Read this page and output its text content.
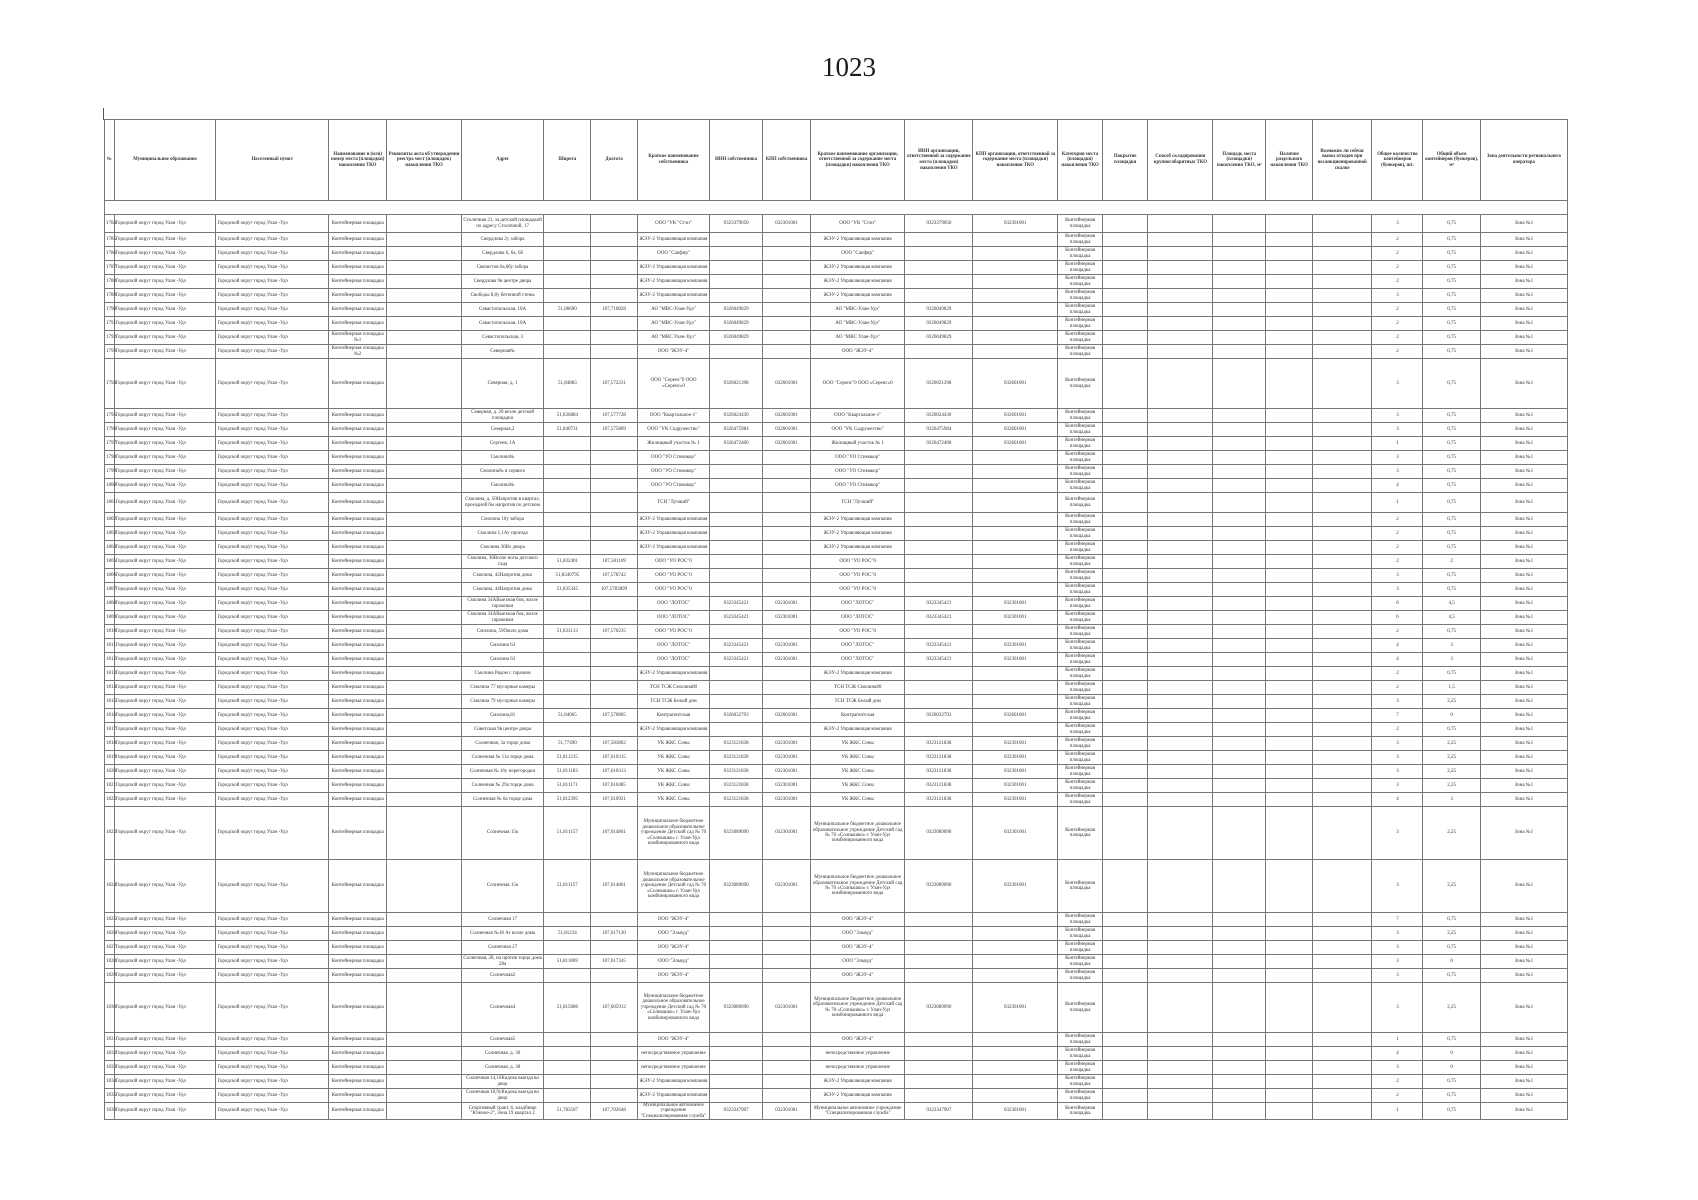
1023
№	Муниципальное образование	Населенный пункт	Наименование и (или) номер места (площадки) накопления ТКО	Реквизиты акта об утверждении реестра мест (площадок) накопления ТКО	Адрес	Широта	Долгота	Краткое наименование собственника	ИНН собственника	КПП собственника	Краткое наименование организации, ответственной за содержание места (площадки) накопления ТКО	ИНН организации, ответственной за содержание места (площадки) накопления ТКО	КПП организации, ответственной за содержание места (площадки) накопления ТКО	Категория места (площадки) накопления ТКО	Покрытие площадки	Способ складирования крупногабаритных ТКО	Площадь места (площадки) накопления ТКО, м²	Наличие раздельного накопления ТКО	Возможно ли сейчас вывоз отходов при несанкционированной свалке	Общее количество контейнеров (бункеров), шт.	Общий объем контейнеров (бункеров), м³	Зона деятельности регионального оператора

1784	Городской округ город Улан -Удэ	Городской округ город Улан -Удэ	Контейнерная площадка		Столичная 21, за детской площадкой по адресу Столичной, 17			ООО "УК "Стэп"	0323379050	032301001	ООО "УК "Стэп"	0323379050	032301001	Контейнерная площадка						3	0,75	Зона №1
1785	Городской округ город Улан -Удэ	Городской округ город Улан -Удэ	Контейнерная площадка		Свердлова 2у забора			ЖЭУ-2 Управляющая компания			ЖЭУ-2 Управляющая компания			Контейнерная площадка						2	0,75	Зона №1
1786	Городской округ город Улан -Удэ	Городской округ город Улан -Удэ	Контейнерная площадка		Свердлова 6, 6а, 6б			ООО "Сапфир"			ООО "Сапфир"			Контейнерная площадка						2	0,75	Зона №1
1787	Городской округ город Улан -Удэ	Городской округ город Улан -Удэ	Контейнерная площадка		Связистов 6а,6бу забора			ЖЭУ-2 Управляющая компания			ЖЭУ-2 Управляющая компания			Контейнерная площадка						2	0,75	Зона №1
1788	Городской округ город Улан -Удэ	Городской округ город Улан -Удэ	Контейнерная площадка		Свердлова 9в центре двора			ЖЭУ-2 Управляющая компания			ЖЭУ-2 Управляющая компания			Контейнерная площадка						2	0,75	Зона №1
1789	Городской округ город Улан -Удэ	Городской округ город Улан -Удэ	Контейнерная площадка		Свободы 8,8у бетонной стены			ЖЭУ-2 Управляющая компания			ЖЭУ-2 Управляющая компания			Контейнерная площадка						3	0,75	Зона №1
1790	Городской округ город Улан -Удэ	Городской округ город Улан -Удэ	Контейнерная площадка		Севастопольская, 10А	51,86690	107,710828	АО "МВС-Улан-Удэ"	0326049829		АО "МВС-Улан-Удэ"	0326049829		Контейнерная площадка						2	0,75	Зона №1
1791	Городской округ город Улан -Удэ	Городской округ город Улан -Удэ	Контейнерная площадка		Севастопольская, 10А			АО "МВС-Улан-Удэ"	0326049829		АО "МВС-Улан-Удэ"	0326049829		Контейнерная площадка						2	0,75	Зона №1
1792	Городской округ город Улан -Удэ	Городской округ город Улан -Удэ	Контейнерная площадка №1		Севастопольская, 3			АО "МВС Улан-Удэ"	0326049829		АО "МВС Улан-Удэ"	0326049829		Контейнерная площадка						2	0,75	Зона №1
1793	Городской округ город Улан -Удэ	Городской округ город Улан -Удэ	Контейнерная площадка №2		Северная№			ООО "ЖЭУ-4"			ООО "ЖЭУ-4"			Контейнерная площадка						2	0,75	Зона №1
1794	Городской округ город Улан -Удэ	Городской округ город Улан -Удэ	Контейнерная площадка		Северная, д. 1	51,84883	107,572231	ООО "Серенс"0 ООО «Серенс»0	0326021398	032601001	ООО "Серенс"0 ООО «Серенс»0	0326021398	032601001	Контейнерная площадка						3	0,75	Зона №1
1795	Городской округ город Улан -Удэ	Городской округ город Улан -Удэ	Контейнерная площадка		Северная, д. 20 возле детской площадки	51,836884	107,577728	ООО "Квартальное-1"	0326024430	032601001	ООО "Квартальное-1"	0326024430	032601001	Контейнерная площадка						3	0,75	Зона №1
1796	Городской округ город Улан -Удэ	Городской округ город Улан -Удэ	Контейнерная площадка		Северная,2	51,840731	107,575869	ООО "УК Содружество"	0326475984	032601001	ООО "УК Содружество"	0326475984	032601001	Контейнерная площадка						3	0,75	Зона №1
1797	Городской округ город Улан -Удэ	Городской округ город Улан -Удэ	Контейнерная площадка		Сергеев, 1А			Жилищный участок № 1	0326472400	032601001	Жилищный участок № 1	0326472400	032601001	Контейнерная площадка						1	0,75	Зона №1
1798	Городской округ город Улан -Удэ	Городской округ город Улан -Удэ	Контейнерная площадка		Смолина№			ООО "УО Стимакор"			ООО "УО Стимакор"			Контейнерная площадка						3	0,75	Зона №1
1799	Городской округ город Улан -Удэ	Городской округ город Улан -Удэ	Контейнерная площадка		Смолина№ в сервисе			ООО "УО Стимакор"			ООО "УО Стимакор"			Контейнерная площадка						3	0,75	Зона №1
1800	Городской округ город Улан -Удэ	Городской округ город Улан -Удэ	Контейнерная площадка		Смолина№			ООО "УО Стимакор"			ООО "УО Стимакор"			Контейнерная площадка						4	0,75	Зона №1
1801	Городской округ город Улан -Удэ	Городской округ город Улан -Удэ	Контейнерная площадка		Смолина, д. 50Напротив в квартал, проездной бм напротив по детскою			ТСН "Лучший"			ТСН "Лучший"			Контейнерная площадка						1	0,75	Зона №1
1802	Городской округ город Улан -Удэ	Городской округ город Улан -Удэ	Контейнерная площадка		Смолина 10у забора			ЖЭУ-2 Управляющая компания			ЖЭУ-2 Управляющая компания			Контейнерная площадка						2	0,75	Зона №1
1803	Городской округ город Улан -Удэ	Городской округ город Улан -Удэ	Контейнерная площадка		Смолина 1,1Ау проезда			ЖЭУ-2 Управляющая компания			ЖЭУ-2 Управляющая компания			Контейнерная площадка						2	0,75	Зона №1
1804	Городской округ город Улан -Удэ	Городской округ город Улан -Удэ	Контейнерная площадка		Смолина 30Вх двора			ЖЭУ-2 Управляющая компания			ЖЭУ-2 Управляющая компания			Контейнерная площадка						2	0,75	Зона №1
1805	Городской округ город Улан -Удэ	Городской округ город Улан -Удэ	Контейнерная площадка		Смолина, 36Возле ногы детского сада	51,832401	107,581109	ООО "УО РОС"0			ООО "УО РОС"0			Контейнерная площадка						2	2	Зона №1
1806	Городской округ город Улан -Удэ	Городской округ город Улан -Удэ	Контейнерная площадка		Смолина, 42Напротив дома	51,8340795	107,578742	ООО "УО РОС"0			ООО "УО РОС"0			Контейнерная площадка						3	0,75	Зона №1
1807	Городской округ город Улан -Удэ	Городской округ город Улан -Удэ	Контейнерная площадка		Смолина, 44Напротив дома	51,835345	107,5783899	ООО "УО РОС"0			ООО "УО РОС"0			Контейнерная площадка						3	0,75	Зона №1
1808	Городской округ город Улан -Удэ	Городской округ город Улан -Удэ	Контейнерная площадка		Смолина 34АВыезжая бок, возле гаражным			ООО "ЛОТОС"	0323345421	032301001	ООО "ЛОТОС"	0323345421	032301001	Контейнерная площадка						6	4,5	Зона №1
1809	Городской округ город Улан -Удэ	Городской округ город Улан -Удэ	Контейнерная площадка		Смолина 34АВыезжая бок, возле гаражным			ООО "ЛОТОС"	0323345421	032301001	ООО "ЛОТОС"	0323345421	032301001	Контейнерная площадка						6	4,5	Зона №1
1810	Городской округ город Улан -Удэ	Городской округ город Улан -Удэ	Контейнерная площадка		Смолина, 59Около дома	51,833113	107,570235	ООО "УО РОС"0			ООО "УО РОС"0			Контейнерная площадка						2	0,75	Зона №1
1811	Городской округ город Улан -Удэ	Городской округ город Улан -Удэ	Контейнерная площадка		Смолина 63			ООО "ЛОТОС"	0323345421	032301001	ООО "ЛОТОС"	0323345421	032301001	Контейнерная площадка						4	3	Зона №1
1812	Городской округ город Улан -Удэ	Городской округ город Улан -Удэ	Контейнерная площадка		Смолина 63			ООО "ЛОТОС"	0323345421	032301001	ООО "ЛОТОС"	0323345421	032301001	Контейнерная площадка						4	3	Зона №1
1813	Городской округ город Улан -Удэ	Городской округ город Улан -Удэ	Контейнерная площадка		Смолина Рядом с гаражом			ЖЭУ-2 Управляющая компания			ЖЭУ-2 Управляющая компания			Контейнерная площадка						2	0,75	Зона №1
1814	Городской округ город Улан -Удэ	Городской округ город Улан -Удэ	Контейнерная площадка		Смолина 77 мусорные камеры			ТСН ТСЖ Смолина80			ТСН ТСЖ Смолина80			Контейнерная площадка						2	1,5	Зона №1
1815	Городской округ город Улан -Удэ	Городской округ город Улан -Удэ	Контейнерная площадка		Смолина 79 мусорные камеры			ТСН ТСЖ Белый дом			ТСН ТСЖ Белый дом			Контейнерная площадка						3	2,25	Зона №1
1816	Городской округ город Улан -Удэ	Городской округ город Улан -Удэ	Контейнерная площадка		Смолина,81	51,84065	107,570865	Контрагентская	0326032793	032601001	Контрагентская	0326032793	032601001	Контейнерная площадка						7	0	Зона №1
1817	Городской округ город Улан -Удэ	Городской округ город Улан -Удэ	Контейнерная площадка		Советская 9в центре двора			ЖЭУ-2 Управляющая компания			ЖЭУ-2 Управляющая компания			Контейнерная площадка						2	0,75	Зона №1
1818	Городской округ город Улан -Удэ	Городской округ город Улан -Удэ	Контейнерная площадка		Солнечная, 3а торце дома	51,77490	107,583862	УК ЖКС Соны	0323121838	032301001	УК ЖКС Соны	0323121838	032301001	Контейнерная площадка						3	2,25	Зона №1
1819	Городской округ город Улан -Удэ	Городской округ город Улан -Удэ	Контейнерная площадка		Солнечная № 11а торце дома	51,811215	107,610315	УК ЖКС Соны	0323121838	032301001	УК ЖКС Соны	0323121838	032301001	Контейнерная площадка						3	2,25	Зона №1
1820	Городской округ город Улан -Удэ	Городской округ город Улан -Удэ	Контейнерная площадка		Солнечная № 16у перегородки	51,811183	107,610313	УК ЖКС Соны	0323121838	032301001	УК ЖКС Соны	0323121838	032301001	Контейнерная площадка						3	2,25	Зона №1
1821	Городской округ город Улан -Удэ	Городской округ город Улан -Удэ	Контейнерная площадка		Солнечная № 29а торце дома	51,811171	107,610485	УК ЖКС Соны	0323121838	032301001	УК ЖКС Соны	0323121838	032301001	Контейнерная площадка						3	2,25	Зона №1
1822	Городской округ город Улан -Удэ	Городской округ город Улан -Удэ	Контейнерная площадка		Солнечная № 6а торце дома	51,812395	107,610921	УК ЖКС Соны	0323121838	032301001	УК ЖКС Соны	0323121838	032301001	Контейнерная площадка						4	3	Зона №1
1823	Городской округ город Улан -Удэ	Городской округ город Улан -Удэ	Контейнерная площадка		Солнечная 15к	51,811157	107,614861	Муниципальное бюджетное дошкольное образовательное учреждение Детский сад № 70 «Солнышко» г. Улан-Удэ комбинированного вида	0323089090	032301001	Муниципальное бюджетное дошкольное образовательное учреждение Детский сад № 70 «Солнышко» г. Улан-Удэ комбинированного вида	0323089090	032301001	Контейнерная площадка						3	2,25	Зона №1
1824	Городской округ город Улан -Удэ	Городской округ город Улан -Удэ	Контейнерная площадка		Солнечная 15к	51,811157	107,614861	Муниципальное бюджетное дошкольное образовательное учреждение Детский сад № 70 «Солнышко» г. Улан-Удэ комбинированного вида	0323089090	032301001	Муниципальное бюджетное дошкольное образовательное учреждение Детский сад № 70 «Солнышко» г. Улан-Удэ комбинированного вида	0323089090	032301001	Контейнерная площадка						3	2,25	Зона №1
1825	Городской округ город Улан -Удэ	Городской округ город Улан -Удэ	Контейнерная площадка		Солнечная 17			ООО "ЖЭУ-4"			ООО "ЖЭУ-4"			Контейнерная площадка						7	0,75	Зона №1
1826	Городской округ город Улан -Удэ	Городской округ город Улан -Удэ	Контейнерная площадка		Солнечная №18 Аг возле дома	51,81234	107,617130	ООО "Эльвуд"			ООО "Эльвуд"			Контейнерная площадка						3	2,25	Зона №1
1827	Городской округ город Улан -Удэ	Городской округ город Улан -Удэ	Контейнерная площадка		Солнечная 27			ООО "ЖЭУ-4"			ООО "ЖЭУ-4"			Контейнерная площадка						3	0,75	Зона №1
1828	Городской округ город Улан -Удэ	Городской округ город Улан -Удэ	Контейнерная площадка		Солнечная, 28, на против торца дома 28а	51,811869	107,617345	ООО "Эльвуд"			ООО "Эльвуд"			Контейнерная площадка						3	0	Зона №1
1829	Городской округ город Улан -Удэ	Городской округ город Улан -Удэ	Контейнерная площадка		Солнечная2			ООО "ЖЭУ-4"			ООО "ЖЭУ-4"			Контейнерная площадка						3	0,75	Зона №1
1830	Городской округ город Улан -Удэ	Городской округ город Улан -Удэ	Контейнерная площадка		Солнечная4	51,815086	107,605912	Муниципальное бюджетное дошкольное образовательное учреждение Детский сад № 70 «Солнышко» г. Улан-Удэ комбинированного вида	0323089090	032301001	Муниципальное бюджетное дошкольное образовательное учреждение Детский сад № 70 «Солнышко» г. Улан-Удэ комбинированного вида	0323089090	032301001	Контейнерная площадка						3	2,25	Зона №1
1831	Городской округ город Улан -Удэ	Городской округ город Улан -Удэ	Контейнерная площадка		Солнечная5			ООО "ЖЭУ-4"			ООО "ЖЭУ-4"			Контейнерная площадка						1	0,75	Зона №1
1832	Городской округ город Улан -Удэ	Городской округ город Улан -Удэ	Контейнерная площадка		Солнечная, д. 36			непосредственное управление			непосредственное управление			Контейнерная площадка						4	0	Зона №1
1833	Городской округ город Улан -Удэ	Городской округ город Улан -Удэ	Контейнерная площадка		Солнечная, д. 38			непосредственное управление			непосредственное управление			Контейнерная площадка						3	0	Зона №1
1834	Городской округ город Улан -Удэ	Городской округ город Улан -Удэ	Контейнерная площадка		Солнечная 14,16Кидока выезда во двор			ЖЭУ-2 Управляющая компания			ЖЭУ-2 Управляющая компания			Контейнерная площадка						2	0,75	Зона №1
1835	Городской округ город Улан -Удэ	Городской округ город Улан -Удэ	Контейнерная площадка		Солнечная 18,9уКидока выезда во двор			ЖЭУ-2 Управляющая компания			ЖЭУ-2 Управляющая компания			Контейнерная площадка						2	0,75	Зона №1
1836	Городской округ город Улан -Удэ	Городской округ город Улан -Удэ	Контейнерная площадка		Спортивный тракт, 6, кладбище "Южное-2", Зона 19 квартал 2	51,783507	107,702648	Муниципальное автономное учреждение "Специализированная служба"	0323347907	032301001	Муниципальное автономное учреждение "Специализированная служба"	0323347907	032301001	Контейнерная площадка						1	0,75	Зона №1
